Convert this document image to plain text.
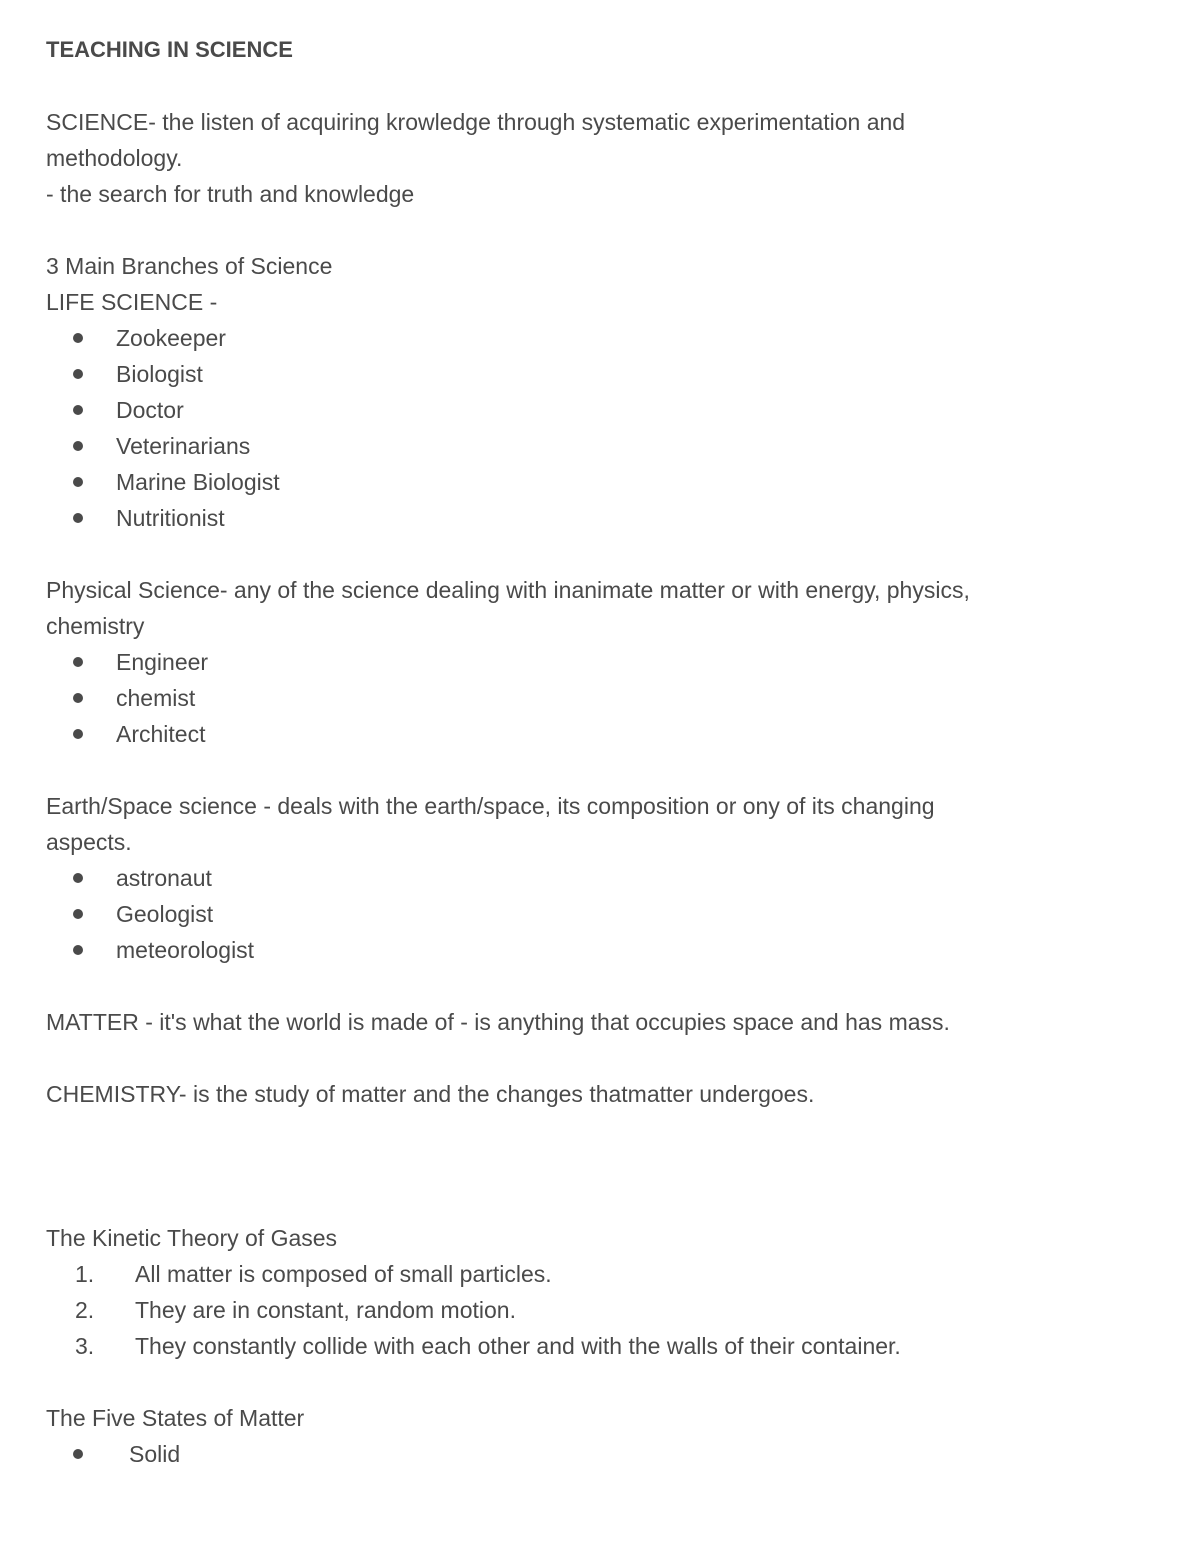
TEACHING IN SCIENCE

SCIENCE- the listen of acquiring krowledge through systematic experimentation and

methodology.

- the search for truth and knowledge

3 Main Branches of Science

LIFE SCIENCE -

Zookeeper
Biologist
Doctor
Veterinarians
Marine Biologist
Nutritionist

Physical Science- any of the science dealing with inanimate matter or with energy, physics,

chemistry

Engineer
chemist
Architect

Earth/Space science - deals with the earth/space, its composition or ony of its changing

aspects.

astronaut
Geologist
meteorologist

MATTER - it's what the world is made of - is anything that occupies space and has mass.

CHEMISTRY- is the study of matter and the changes thatmatter undergoes.

The Kinetic Theory of Gases

1. All matter is composed of small particles.
2. They are in constant, random motion.
3. They constantly collide with each other and with the walls of their container.

The Five States of Matter

Solid
